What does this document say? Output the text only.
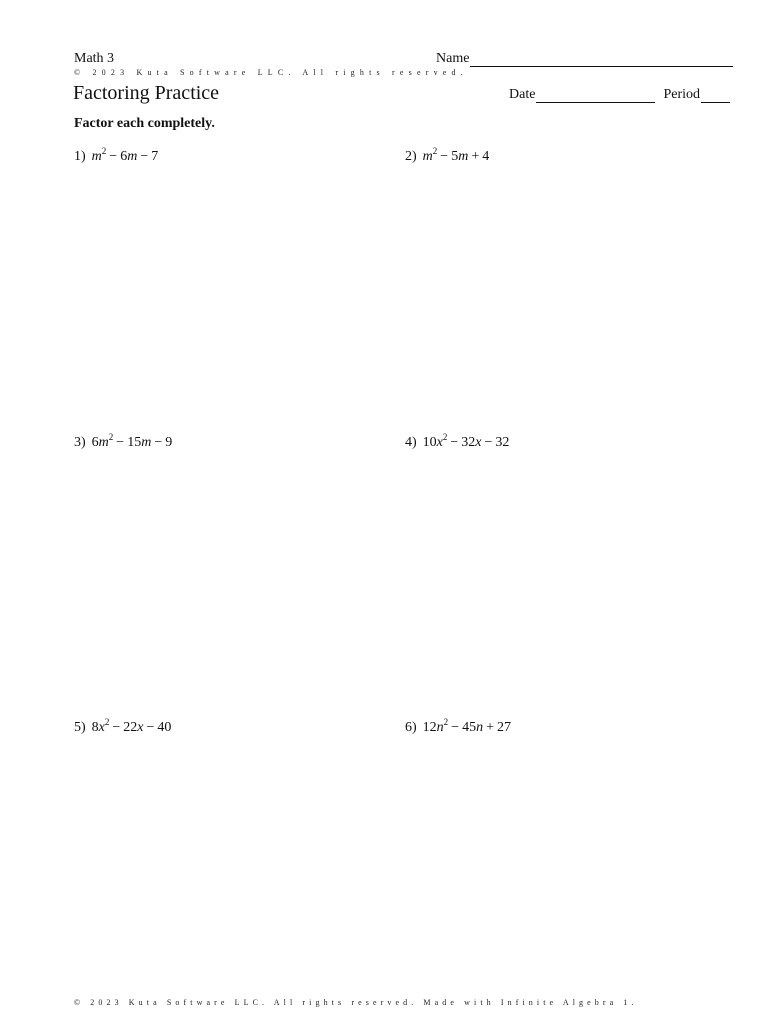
Math 3	Name
© 2023 Kuta Software LLC. All rights reserved.
Factoring Practice	Date	Period
Factor each completely.
1) $m^2 - 6m - 7$	2) $m^2 - 5m + 4$
3) $6m^2 - 15m - 9$	4) $10x^2 - 32x - 32$
5) $8x^2 - 22x - 40$	6) $12n^2 - 45n + 27$
© 2023 Kuta Software LLC. All rights reserved. Made with Infinite Algebra 1.
